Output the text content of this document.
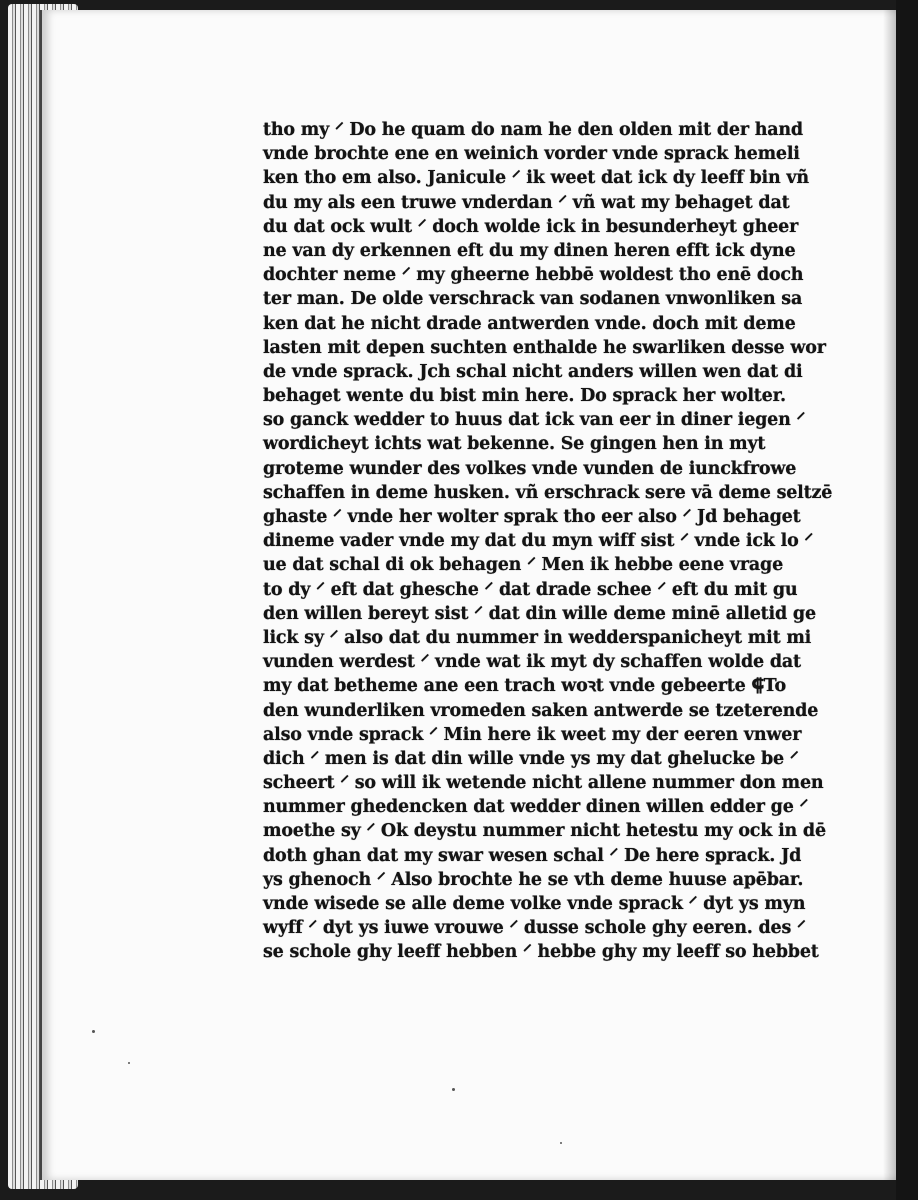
tho my ⸍ Do he quam do nam he den olden mit der hand
vnde brochte ene en weinich vorder vnde sprack hemeli
ken tho em also. Janicule ⸍ ik weet dat ick dy leeff bin vñ
du my als een truwe vnderdan ⸍ vñ wat my behaget dat
du dat ock wult ⸍ doch wolde ick in besunderheyt gheer
ne van dy erkennen eft du my dinen heren efft ick dyne
dochter neme ⸍ my gheerne hebbē woldest tho enē doch
ter man. De olde verschrack van sodanen vnwonliken sa
ken dat he nicht drade antwerden vnde. doch mit deme
lasten mit depen suchten enthalde he swarliken desse wor
de vnde sprack. Jch schal nicht anders willen wen dat di
behaget wente du bist min here. Do sprack her wolter.
so ganck wedder to huus dat ick van eer in diner iegen ⸍
wordicheyt ichts wat bekenne. Se gingen hen in myt
groteme wunder des volkes vnde vunden de iunckfrowe
schaffen in deme husken. vñ erschrack sere vā deme seltzē
ghaste ⸍ vnde her wolter sprak tho eer also ⸍ Jd behaget
dineme vader vnde my dat du myn wiff sist ⸍ vnde ick lo ⸍
ue dat schal di ok behagen ⸍ Men ik hebbe eene vrage
to dy ⸍ eft dat ghesche ⸍ dat drade schee ⸍ eft du mit gu
den willen bereyt sist ⸍ dat din wille deme minē alletid ge
lick sy ⸍ also dat du nummer in wedderspanicheyt mit mi
vunden werdest ⸍ vnde wat ik myt dy schaffen wolde dat
my dat betheme ane een trach woꝛt vnde gebeerte ⸿To
den wunderliken vromeden saken antwerde se tzeterende
also vnde sprack ⸍ Min here ik weet my der eeren vnwer
dich ⸍ men is dat din wille vnde ys my dat ghelucke be ⸍
scheert ⸍ so will ik wetende nicht allene nummer don men
nummer ghedencken dat wedder dinen willen edder ge ⸍
moethe sy ⸍ Ok deystu nummer nicht hetestu my ock in dē
doth ghan dat my swar wesen schal ⸍ De here sprack. Jd
ys ghenoch ⸍ Also brochte he se vth deme huuse apēbar.
vnde wisede se alle deme volke vnde sprack ⸍ dyt ys myn
wyff ⸍ dyt ys iuwe vrouwe ⸍ dusse schole ghy eeren. des ⸍
se schole ghy leeff hebben ⸍ hebbe ghy my leeff so hebbet
